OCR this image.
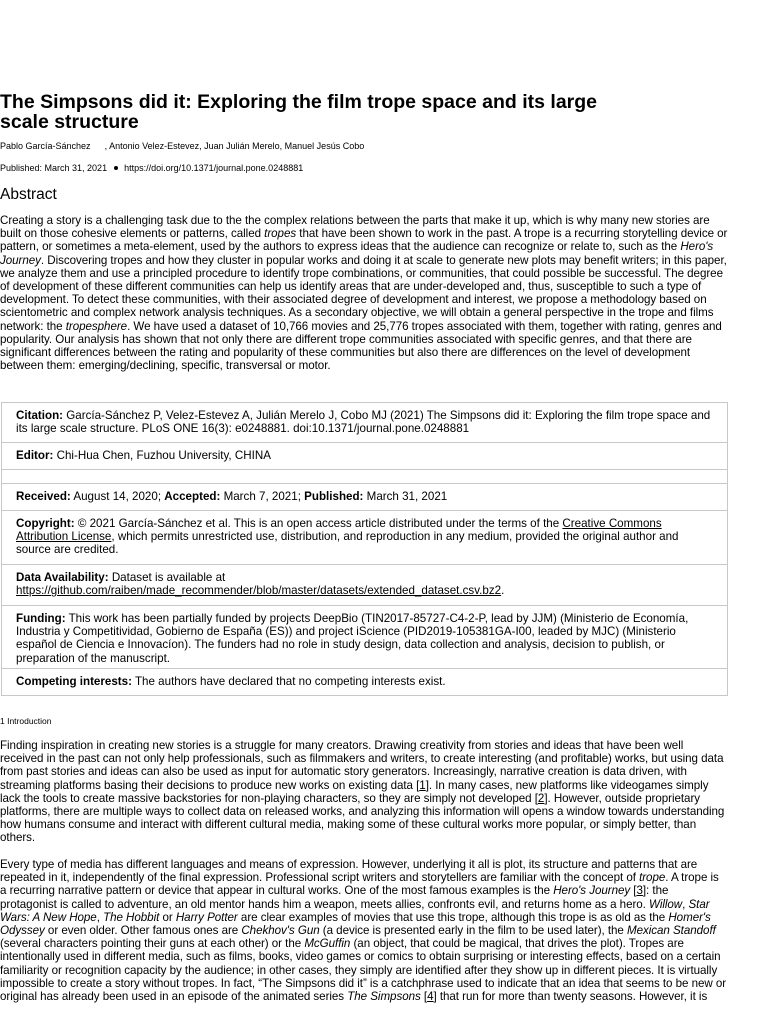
The Simpsons did it: Exploring the film trope space and its large scale structure
Pablo García-Sánchez , Antonio Velez-Estevez, Juan Julián Merelo, Manuel Jesús Cobo
Published: March 31, 2021 https://doi.org/10.1371/journal.pone.0248881
Abstract

Creating a story is a challenging task due to the the complex relations between the parts that make it up, which is why many new stories are built on those cohesive elements or patterns, called tropes that have been shown to work in the past. A trope is a recurring storytelling device or pattern, or sometimes a meta-element, used by the authors to express ideas that the audience can recognize or relate to, such as the Hero's Journey. Discovering tropes and how they cluster in popular works and doing it at scale to generate new plots may benefit writers; in this paper, we analyze them and use a principled procedure to identify trope combinations, or communities, that could possible be successful. The degree of development of these different communities can help us identify areas that are under-developed and, thus, susceptible to such a type of development. To detect these communities, with their associated degree of development and interest, we propose a methodology based on scientometric and complex network analysis techniques. As a secondary objective, we will obtain a general perspective in the trope and films network: the tropesphere. We have used a dataset of 10,766 movies and 25,776 tropes associated with them, together with rating, genres and popularity. Our analysis has shown that not only there are different trope communities associated with specific genres, and that there are significant differences between the rating and popularity of these communities but also there are differences on the level of development between them: emerging/declining, specific, transversal or motor.

Citation: García-Sánchez P, Velez-Estevez A, Julián Merelo J, Cobo MJ (2021) The Simpsons did it: Exploring the film trope space and its large scale structure. PLoS ONE 16(3): e0248881. doi:10.1371/journal.pone.0248881
Editor: Chi-Hua Chen, Fuzhou University, CHINA
Received: August 14, 2020; Accepted: March 7, 2021; Published: March 31, 2021
Copyright: © 2021 García-Sánchez et al. This is an open access article distributed under the terms of the Creative Commons Attribution License, which permits unrestricted use, distribution, and reproduction in any medium, provided the original author and source are credited.
Data Availability: Dataset is available at
https://github.com/raiben/made_recommender/blob/master/datasets/extended_dataset.csv.bz2.
Funding: This work has been partially funded by projects DeepBio (TIN2017-85727-C4-2-P, lead by JJM) (Ministerio de Economía, Industria y Competitividad, Gobierno de España (ES)) and project iScience (PID2019-105381GA-I00, leaded by MJC) (Ministerio español de Ciencia e Innovacíon). The funders had no role in study design, data collection and analysis, decision to publish, or preparation of the manuscript.
Competing interests: The authors have declared that no competing interests exist.
1 Introduction

Finding inspiration in creating new stories is a struggle for many creators. Drawing creativity from stories and ideas that have been well received in the past can not only help professionals, such as filmmakers and writers, to create interesting (and profitable) works, but using data from past stories and ideas can also be used as input for automatic story generators. Increasingly, narrative creation is data driven, with streaming platforms basing their decisions to produce new works on existing data [1]. In many cases, new platforms like videogames simply lack the tools to create massive backstories for non-playing characters, so they are simply not developed [2]. However, outside proprietary platforms, there are multiple ways to collect data on released works, and analyzing this information will opens a window towards understanding how humans consume and interact with different cultural media, making some of these cultural works more popular, or simply better, than others.

Every type of media has different languages and means of expression. However, underlying it all is plot, its structure and patterns that are repeated in it, independently of the final expression. Professional script writers and storytellers are familiar with the concept of trope. A trope is a recurring narrative pattern or device that appear in cultural works. One of the most famous examples is the Hero's Journey [3]: the protagonist is called to adventure, an old mentor hands him a weapon, meets allies, confronts evil, and returns home as a hero. Willow, Star Wars: A New Hope, The Hobbit or Harry Potter are clear examples of movies that use this trope, although this trope is as old as the Homer's Odyssey or even older. Other famous ones are Chekhov's Gun (a device is presented early in the film to be used later), the Mexican Standoff (several characters pointing their guns at each other) or the McGuffin (an object, that could be magical, that drives the plot). Tropes are intentionally used in different media, such as films, books, video games or comics to obtain surprising or interesting effects, based on a certain familiarity or recognition capacity by the audience; in other cases, they simply are identified after they show up in different pieces. It is virtually impossible to create a story without tropes. In fact, “The Simpsons did it” is a catchphrase used to indicate that an idea that seems to be new or original has already been used in an episode of the animated series The Simpsons [4] that run for more than twenty seasons. However, it is
